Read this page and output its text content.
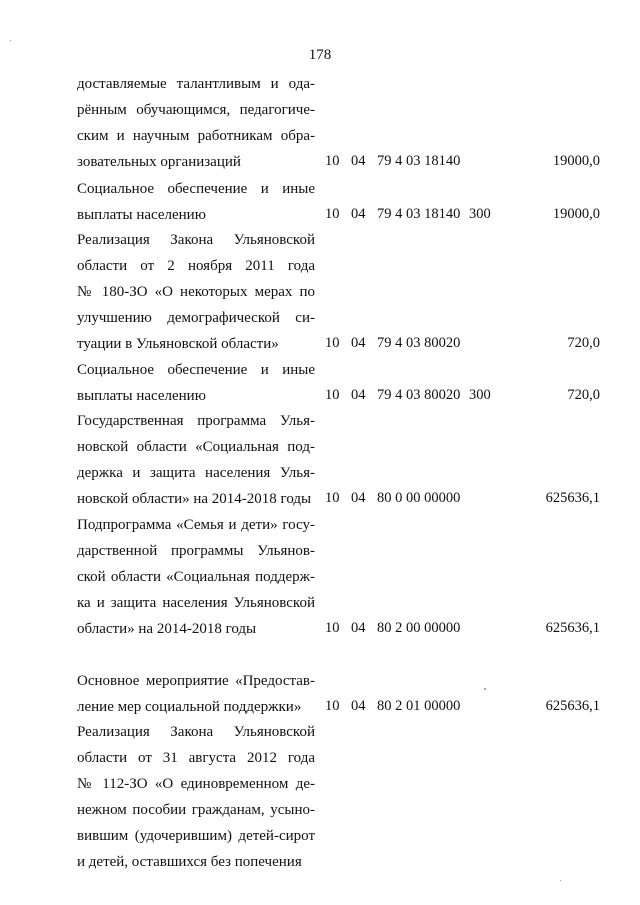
178
доставляемые талантливым и ода-
рённым обучающимся, педагогиче-
ским и научным работникам обра-
зовательных организаций	10 04 79 4 03 18140	19000,0
Социальное обеспечение и иные
выплаты населению	10 04 79 4 03 18140 300	19000,0
Реализация Закона Ульяновской
области от 2 ноября 2011 года
№ 180-ЗО «О некоторых мерах по
улучшению демографической си-
туации в Ульяновской области»	10 04 79 4 03 80020	720,0
Социальное обеспечение и иные
выплаты населению	10 04 79 4 03 80020 300	720,0
Государственная программа Улья-
новской области «Социальная под-
держка и защита населения Улья-
новской области» на 2014-2018 годы 10 04 80 0 00 00000	625636,1
Подпрограмма «Семья и дети» госу-
дарственной программы Ульянов-
ской области «Социальная поддерж-
ка и защита населения Ульяновской
области» на 2014-2018 годы	10 04 80 2 00 00000	625636,1
Основное мероприятие «Предостав-
ление мер социальной поддержки»	10 04 80 2 01 00000	625636,1
Реализация Закона Ульяновской
области от 31 августа 2012 года
№ 112-ЗО «О единовременном де-
нежном пособии гражданам, усыно-
вившим (удочерившим) детей-сирот
и детей, оставшихся без попечения
